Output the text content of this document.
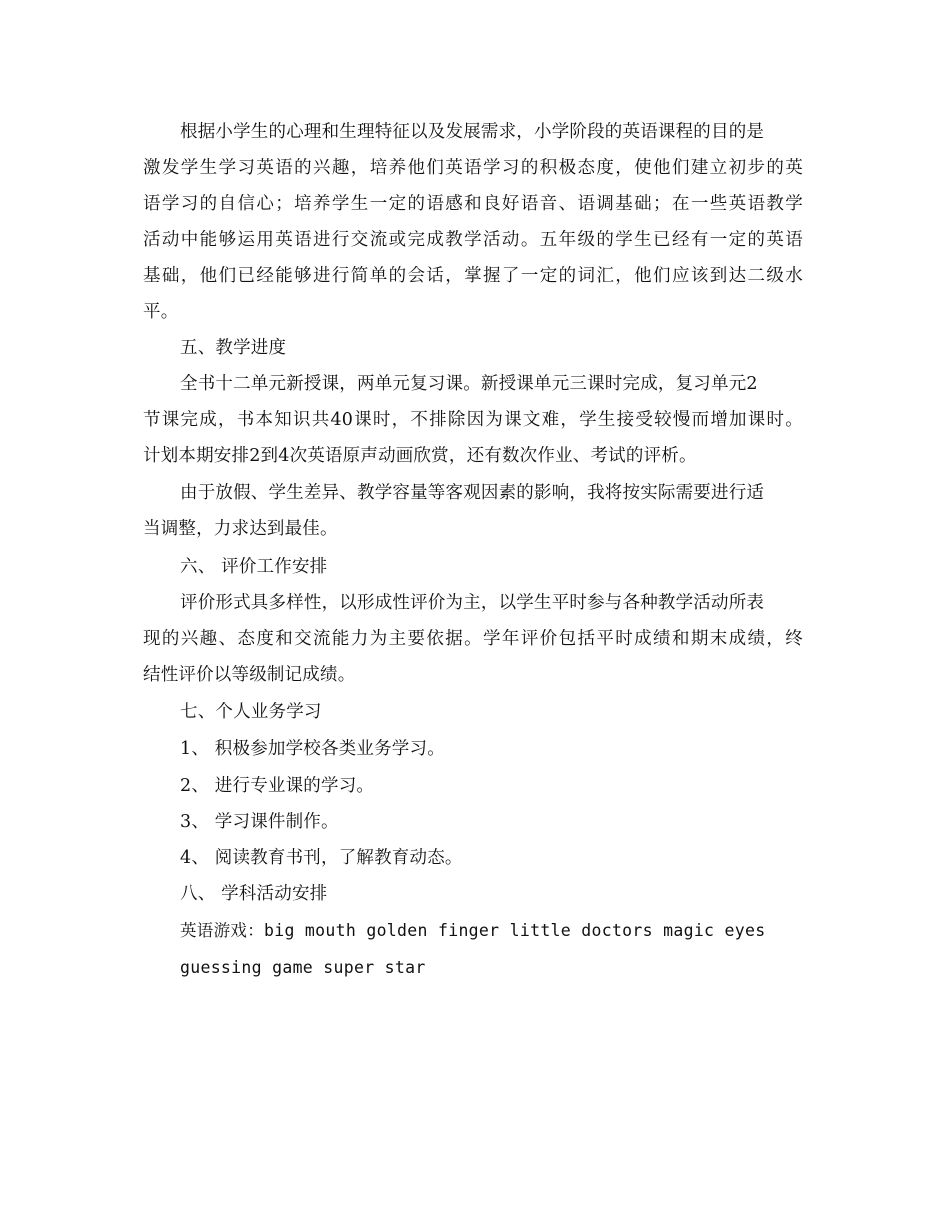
根据小学生的心理和生理特征以及发展需求，小学阶段的英语课程的目的是
激发学生学习英语的兴趣，培养他们英语学习的积极态度，使他们建立初步的英
语学习的自信心；培养学生一定的语感和良好语音、语调基础；在一些英语教学
活动中能够运用英语进行交流或完成教学活动。五年级的学生已经有一定的英语
基础，他们已经能够进行简单的会话，掌握了一定的词汇，他们应该到达二级水
平。
五、教学进度
全书十二单元新授课，两单元复习课。新授课单元三课时完成，复习单元2
节课完成，书本知识共40课时，不排除因为课文难，学生接受较慢而增加课时。
计划本期安排2到4次英语原声动画欣赏，还有数次作业、考试的评析。
由于放假、学生差异、教学容量等客观因素的影响，我将按实际需要进行适
当调整，力求达到最佳。
六、 评价工作安排
评价形式具多样性，以形成性评价为主，以学生平时参与各种教学活动所表
现的兴趣、态度和交流能力为主要依据。学年评价包括平时成绩和期末成绩，终
结性评价以等级制记成绩。
七、个人业务学习
1、 积极参加学校各类业务学习。
2、 进行专业课的学习。
3、 学习课件制作。
4、 阅读教育书刊，了解教育动态。
八、 学科活动安排
英语游戏：big mouth golden finger little doctors magic eyes
guessing game super star
